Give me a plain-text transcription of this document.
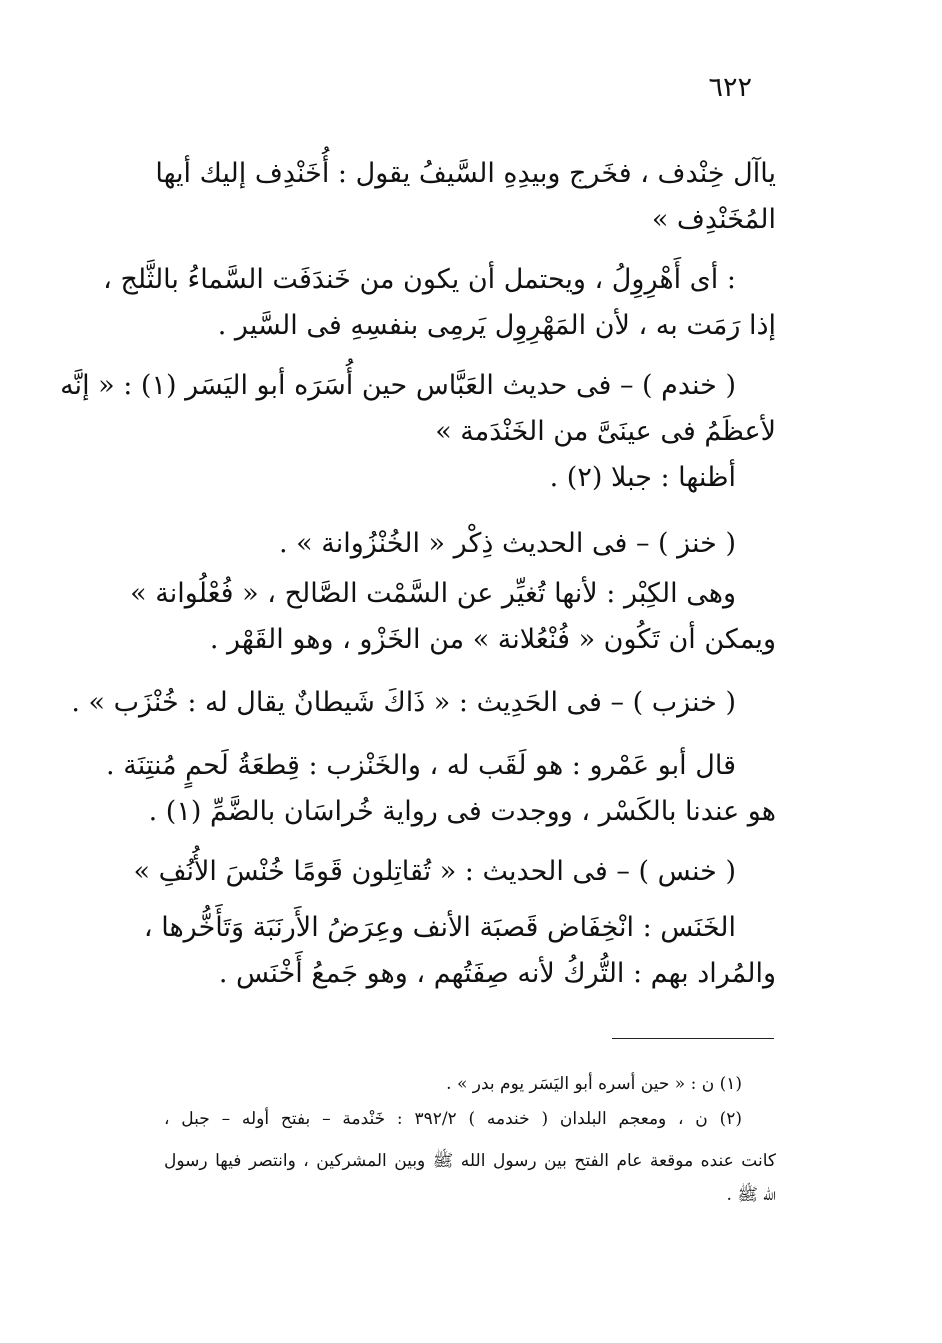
٦٢٢
ياآل خِنْدف ، فخَرج وبيدِهِ السَّيفُ يقول : أُخَنْدِف إليك أيها
المُخَنْدِف »
: أى أَهْرِوِلُ ، ويحتمل أن يكون من خَندَفَت السَّماءُ بالثَّلج ،
إذا رَمَت به ، لأن المَهْرِوِل يَرمِى بنفسِهِ فى السَّير .
( خندم ) – فى حديث العَبَّاس حين أُسَرَه أبو اليَسَر (١) : « إنَّه
لأعظَمُ فى عينَىَّ من الخَنْدَمة »
أظنها : جبلا (٢) .
( خنز ) – فى الحديث ذِكْر « الخُنْزُوانة » .
وهى الكِبْر : لأنها تُغيِّر عن السَّمْت الصَّالح ، « فُعْلُوانة »
ويمكن أن تَكُون « فُنْعُلانة » من الخَزْو ، وهو القَهْر .
( خنزب ) – فى الحَدِيث : « ذَاكَ شَيطانٌ يقال له : خُنْزَب » .
قال أبو عَمْرو : هو لَقَب له ، والخَنْزب : قِطعَةُ لَحمٍ مُنتِنَة .
هو عندنا بالكَسْر ، ووجدت فى رواية خُراسَان بالضَّمِّ (١) .
( خنس ) – فى الحديث : « تُقاتِلون قَومًا خُنْسَ الأُنُفِ »
الخَنَس : انْخِفَاض قَصبَة الأنف وعِرَضُ الأَرنَبَة وَتَأَخُّرها ،
والمُراد بهم : التُّركُ لأنه صِفَتُهم ، وهو جَمعُ أَخْنَس .
(١) ن : « حين أسره أبو اليَسَر يوم بدر » .
(٢) ن ، ومعجم البلدان ( خندمه ) ٣٩٢/٢ : خَنْدمة – بفتح أوله – جبل ،
كانت عنده موقعة عام الفتح بين رسول الله ﷺ وبين المشركين ، وانتصر فيها رسول
الله ﷺ .
